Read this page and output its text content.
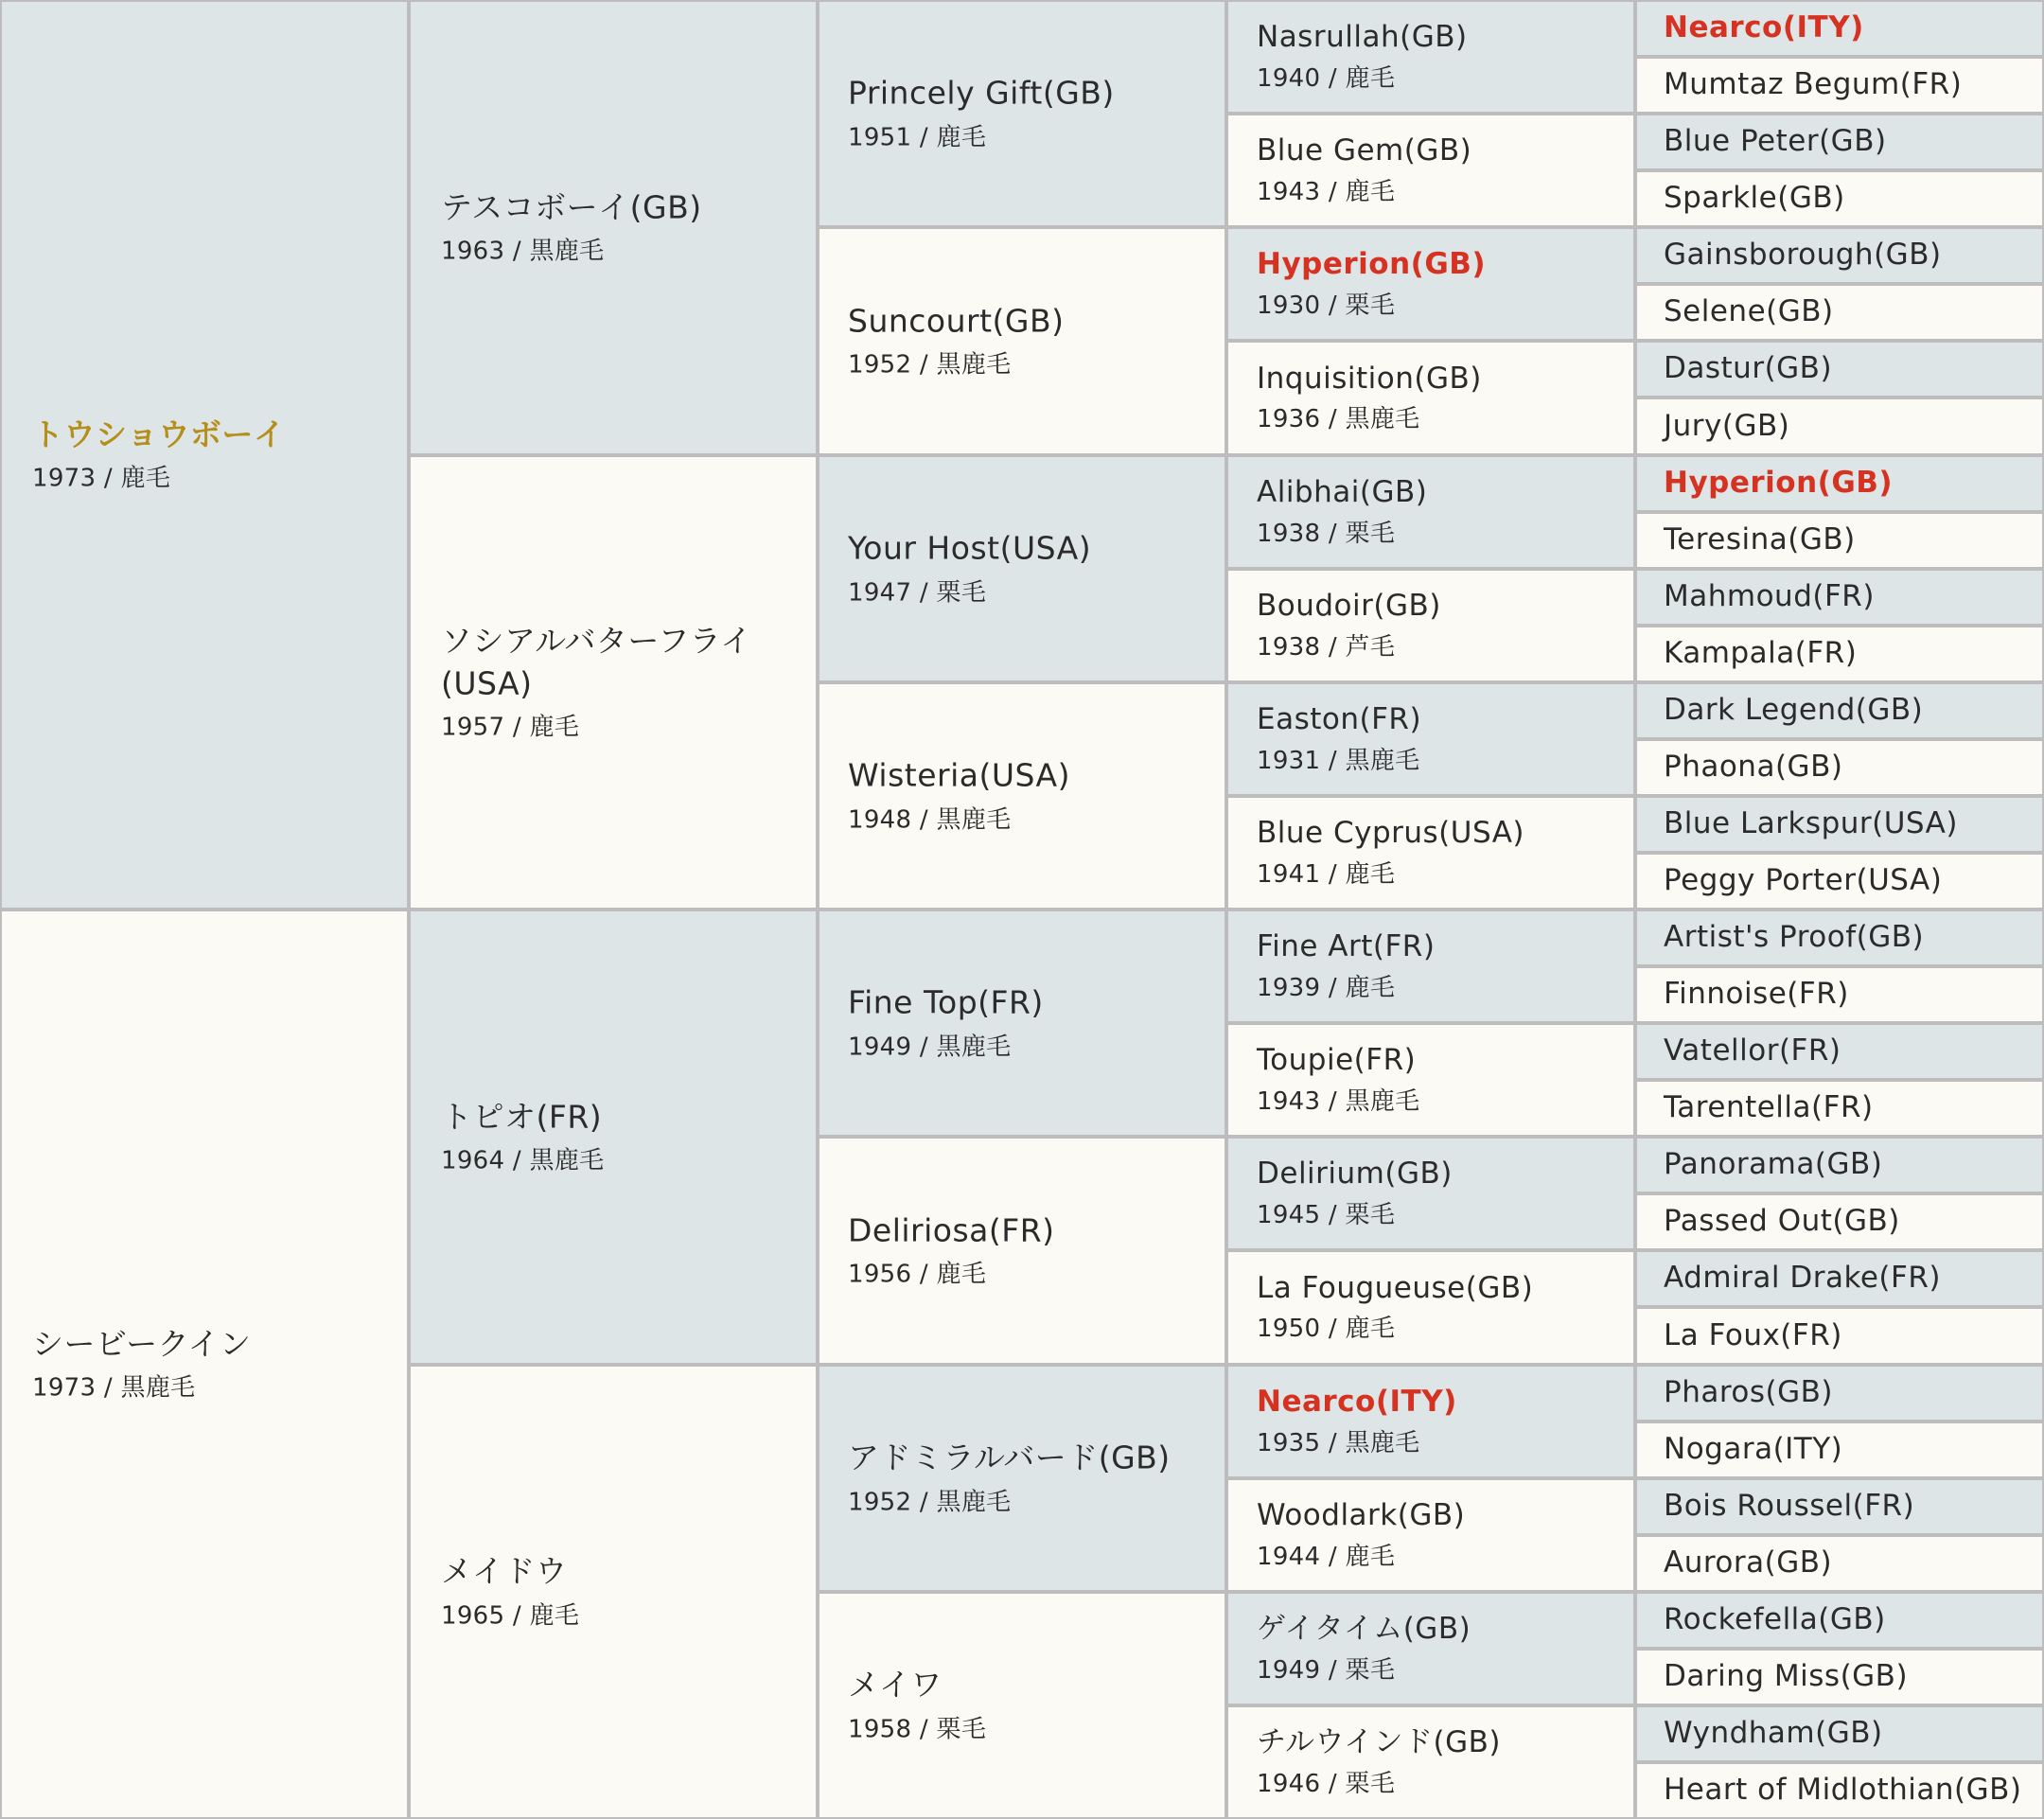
トウショウボーイ
1973 / 鹿毛
シービークイン
1973 / 黒鹿毛
テスコボーイ(GB)
1963 / 黒鹿毛
ソシアルバターフライ(USA)
1957 / 鹿毛
トピオ(FR)
1964 / 黒鹿毛
メイドウ
1965 / 鹿毛
Princely Gift(GB)
1951 / 鹿毛
Suncourt(GB)
1952 / 黒鹿毛
Your Host(USA)
1947 / 栗毛
Wisteria(USA)
1948 / 黒鹿毛
Fine Top(FR)
1949 / 黒鹿毛
Deliriosa(FR)
1956 / 鹿毛
アドミラルバード(GB)
1952 / 黒鹿毛
メイワ
1958 / 栗毛
Nasrullah(GB)
1940 / 鹿毛
Blue Gem(GB)
1943 / 鹿毛
Hyperion(GB)
1930 / 栗毛
Inquisition(GB)
1936 / 黒鹿毛
Alibhai(GB)
1938 / 栗毛
Boudoir(GB)
1938 / 芦毛
Easton(FR)
1931 / 黒鹿毛
Blue Cyprus(USA)
1941 / 鹿毛
Fine Art(FR)
1939 / 鹿毛
Toupie(FR)
1943 / 黒鹿毛
Delirium(GB)
1945 / 栗毛
La Fougueuse(GB)
1950 / 鹿毛
Nearco(ITY)
1935 / 黒鹿毛
Woodlark(GB)
1944 / 鹿毛
ゲイタイム(GB)
1949 / 栗毛
チルウインド(GB)
1946 / 栗毛
Nearco(ITY)
Mumtaz Begum(FR)
Blue Peter(GB)
Sparkle(GB)
Gainsborough(GB)
Selene(GB)
Dastur(GB)
Jury(GB)
Hyperion(GB)
Teresina(GB)
Mahmoud(FR)
Kampala(FR)
Dark Legend(GB)
Phaona(GB)
Blue Larkspur(USA)
Peggy Porter(USA)
Artist's Proof(GB)
Finnoise(FR)
Vatellor(FR)
Tarentella(FR)
Panorama(GB)
Passed Out(GB)
Admiral Drake(FR)
La Foux(FR)
Pharos(GB)
Nogara(ITY)
Bois Roussel(FR)
Aurora(GB)
Rockefella(GB)
Daring Miss(GB)
Wyndham(GB)
Heart of Midlothian(GB)
